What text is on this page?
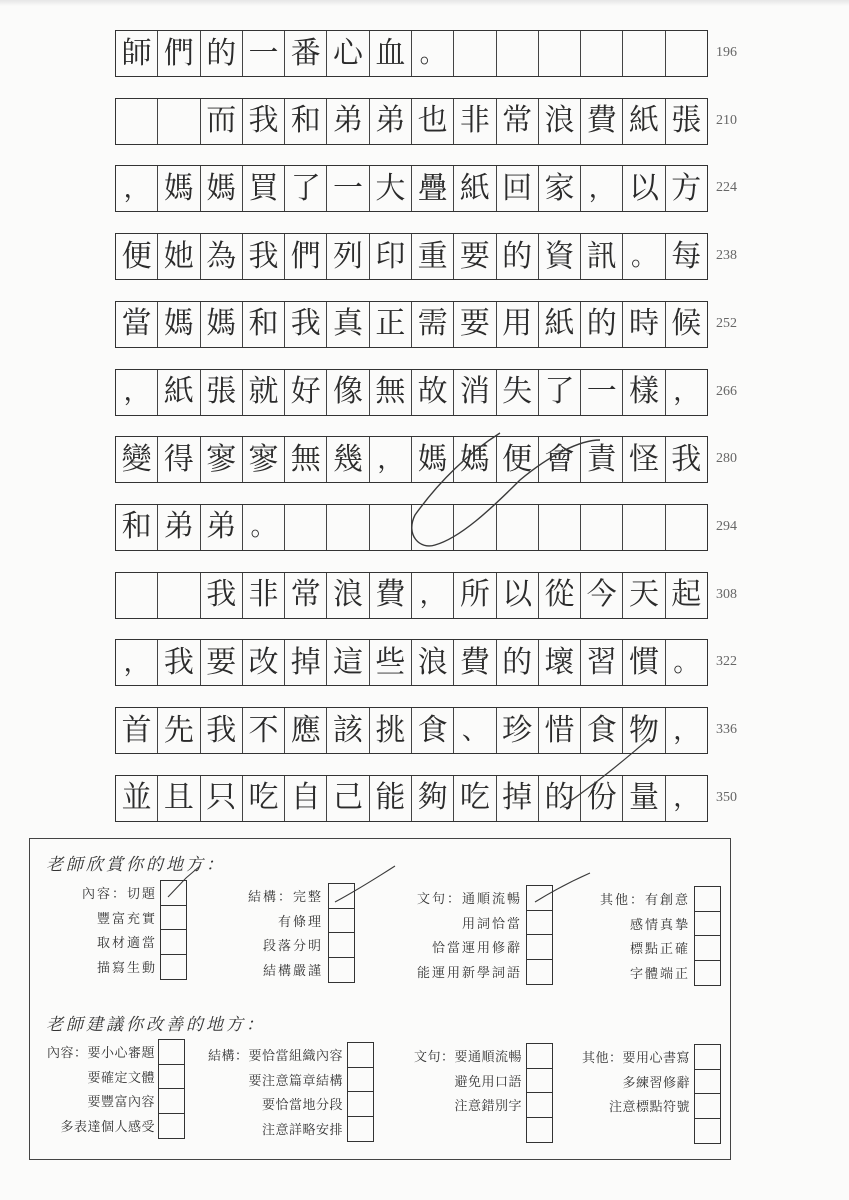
師 們 的 一 番 心 血 。	196
而 我 和 弟 弟 也 非 常 浪 費 紙 張	210
， 媽 媽 買 了 一 大 疊 紙 回 家 ， 以 方	224
便 她 為 我 們 列 印 重 要 的 資 訊 。 每	238
當 媽 媽 和 我 真 正 需 要 用 紙 的 時 候	252
， 紙 張 就 好 像 無 故 消 失 了 一 樣 ，	266
變 得 寥 寥 無 幾 ， 媽 媽 便 會 責 怪 我	280
和 弟 弟 。	294
我 非 常 浪 費 ， 所 以 從 今 天 起	308
， 我 要 改 掉 這 些 浪 費 的 壞 習 慣 。	322
首 先 我 不 應 該 挑 食 、 珍 惜 食 物 ，	336
並 且 只 吃 自 己 能 夠 吃 掉 的 份 量 ，	350
老師欣賞你的地方：
老師建議你改善的地方：
內容：切題
豐富充實
取材適當
描寫生動
結構：完整
有條理
段落分明
結構嚴謹
文句：通順流暢
用詞恰當
恰當運用修辭
能運用新學詞語
其他：有創意
感情真摯
標點正確
字體端正
內容：要小心審題
要確定文體
要豐富內容
多表達個人感受
結構：要恰當組織內容
要注意篇章結構
要恰當地分段
注意詳略安排
文句：要通順流暢
避免用口語
注意錯別字
其他：要用心書寫
多練習修辭
注意標點符號
